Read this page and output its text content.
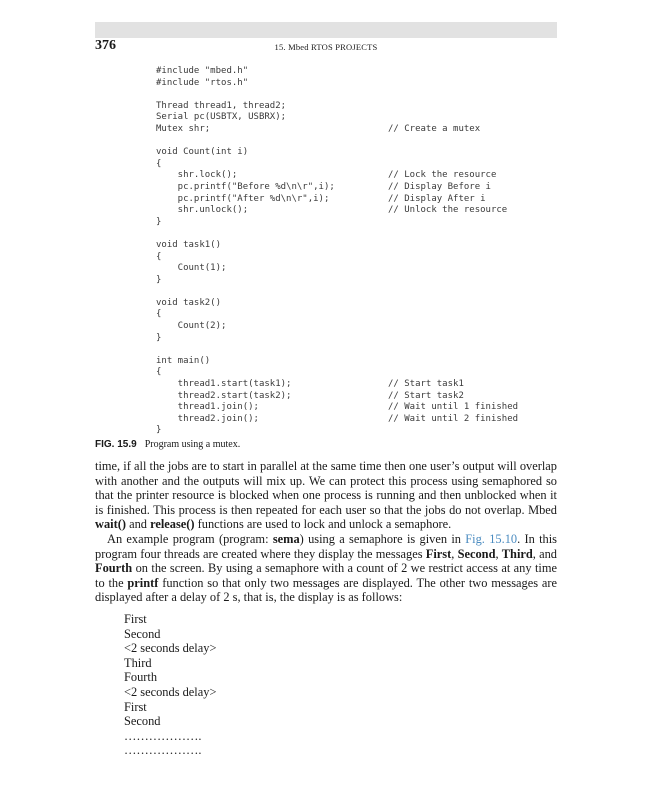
376	15. Mbed RTOS PROJECTS
#include "mbed.h"
#include "rtos.h"
Thread thread1, thread2;
Serial pc(USBTX, USBRX);
Mutex shr;	// Create a mutex
void Count(int i)
{
shr.lock();	// Lock the resource
pc.printf("Before %d\n\r",i);	// Display Before i
pc.printf("After %d\n\r",i);	// Display After i
shr.unlock();	// Unlock the resource
}
void task1()
{
Count(1);
}
void task2()
{
Count(2);
}
int main()
{
thread1.start(task1);	// Start task1
thread2.start(task2);	// Start task2
thread1.join();	// Wait until 1 finished
thread2.join();	// Wait until 2 finished
}
FIG. 15.9 Program using a mutex.

time, if all the jobs are to start in parallel at the same time then one user’s output will overlap with another and the outputs will mix up. We can protect this process using semaphored so that the printer resource is blocked when one process is running and then unblocked when it is finished. This process is then repeated for each user so that the jobs do not overlap. Mbed wait() and release() functions are used to lock and unlock a semaphore.

An example program (program: sema) using a semaphore is given in Fig. 15.10. In this program four threads are created where they display the messages First, Second, Third, and Fourth on the screen. By using a semaphore with a count of 2 we restrict access at any time to the printf function so that only two messages are displayed. The other two messages are displayed after a delay of 2 s, that is, the display is as follows:

First
Second
<2 seconds delay>
Third
Fourth
<2 seconds delay>
First
Second
……………….
……………….
